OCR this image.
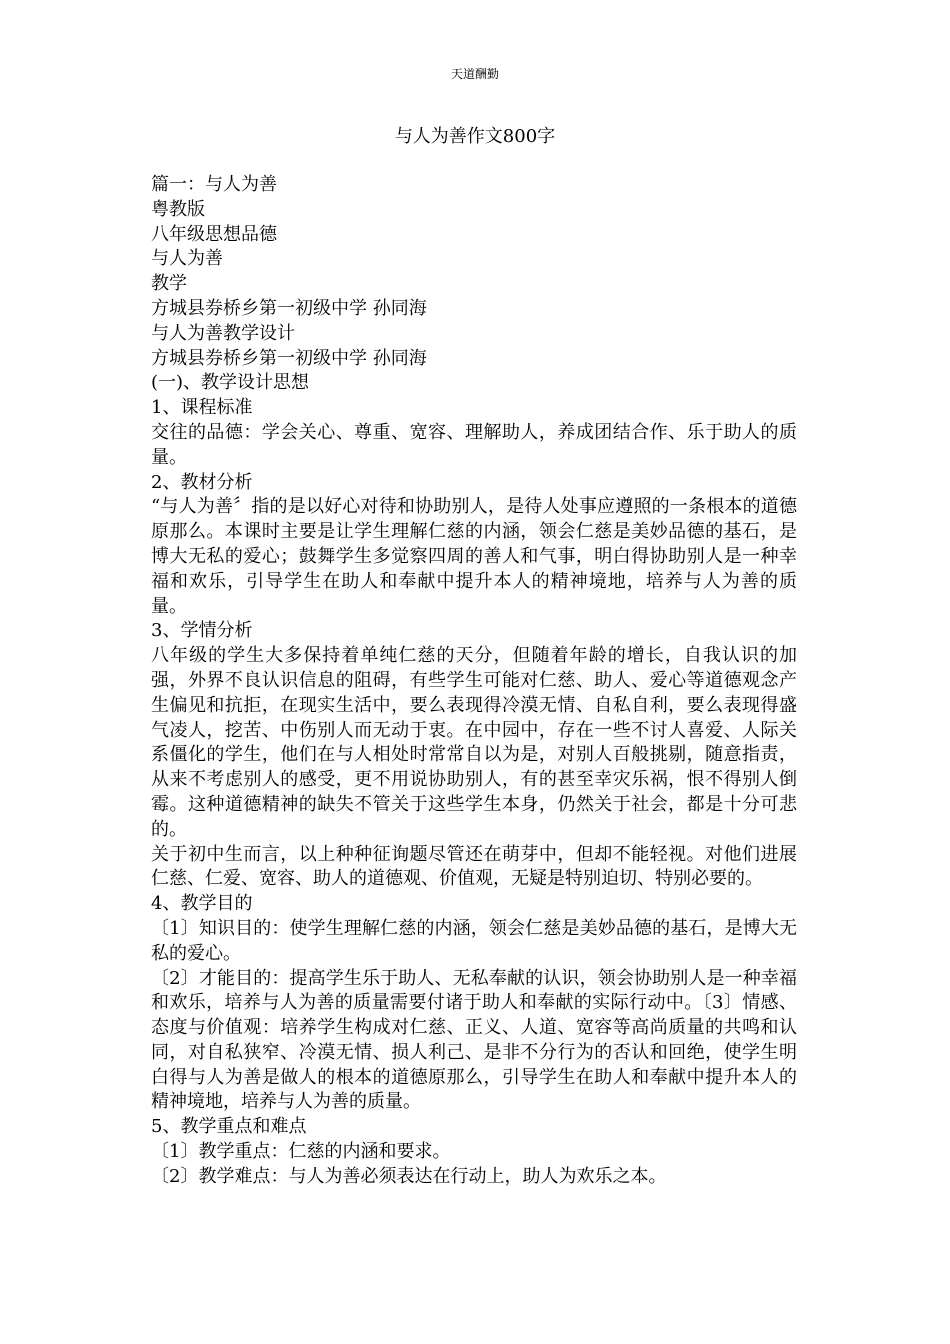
天道酬勤
与人为善作文800字

篇一：与人为善

粤教版

八年级思想品德

与人为善

教学

方城县券桥乡第一初级中学 孙同海

与人为善教学设计

方城县券桥乡第一初级中学 孙同海

(一)、教学设计思想

1、课程标准

交往的品德：学会关心、尊重、宽容、理解助人，养成团结合作、乐于助人的质量。

2、教材分析

“与人为善〞指的是以好心对待和协助别人，是待人处事应遵照的一条根本的道德原那么。本课时主要是让学生理解仁慈的内涵，领会仁慈是美妙品德的基石，是博大无私的爱心；鼓舞学生多觉察四周的善人和气事，明白得协助别人是一种幸福和欢乐，引导学生在助人和奉献中提升本人的精神境地，培养与人为善的质量。

3、学情分析

八年级的学生大多保持着单纯仁慈的天分，但随着年龄的增长，自我认识的加强，外界不良认识信息的阻碍，有些学生可能对仁慈、助人、爱心等道德观念产生偏见和抗拒，在现实生活中，要么表现得冷漠无情、自私自利，要么表现得盛气凌人，挖苦、中伤别人而无动于衷。在中园中，存在一些不讨人喜爱、人际关系僵化的学生，他们在与人相处时常常自以为是，对别人百般挑剔，随意指责，从来不考虑别人的感受，更不用说协助别人，有的甚至幸灾乐祸，恨不得别人倒霉。这种道德精神的缺失不管关于这些学生本身，仍然关于社会，都是十分可悲的。

关于初中生而言，以上种种征询题尽管还在萌芽中，但却不能轻视。对他们进展仁慈、仁爱、宽容、助人的道德观、价值观，无疑是特别迫切、特别必要的。

4、教学目的

〔1〕知识目的：使学生理解仁慈的内涵，领会仁慈是美妙品德的基石，是博大无私的爱心。

〔2〕才能目的：提高学生乐于助人、无私奉献的认识，领会协助别人是一种幸福和欢乐，培养与人为善的质量需要付诸于助人和奉献的实际行动中。〔3〕情感、态度与价值观：培养学生构成对仁慈、正义、人道、宽容等高尚质量的共鸣和认同，对自私狭窄、冷漠无情、损人利己、是非不分行为的否认和回绝，使学生明白得与人为善是做人的根本的道德原那么，引导学生在助人和奉献中提升本人的精神境地，培养与人为善的质量。

5、教学重点和难点

〔1〕教学重点：仁慈的内涵和要求。

〔2〕教学难点：与人为善必须表达在行动上，助人为欢乐之本。
